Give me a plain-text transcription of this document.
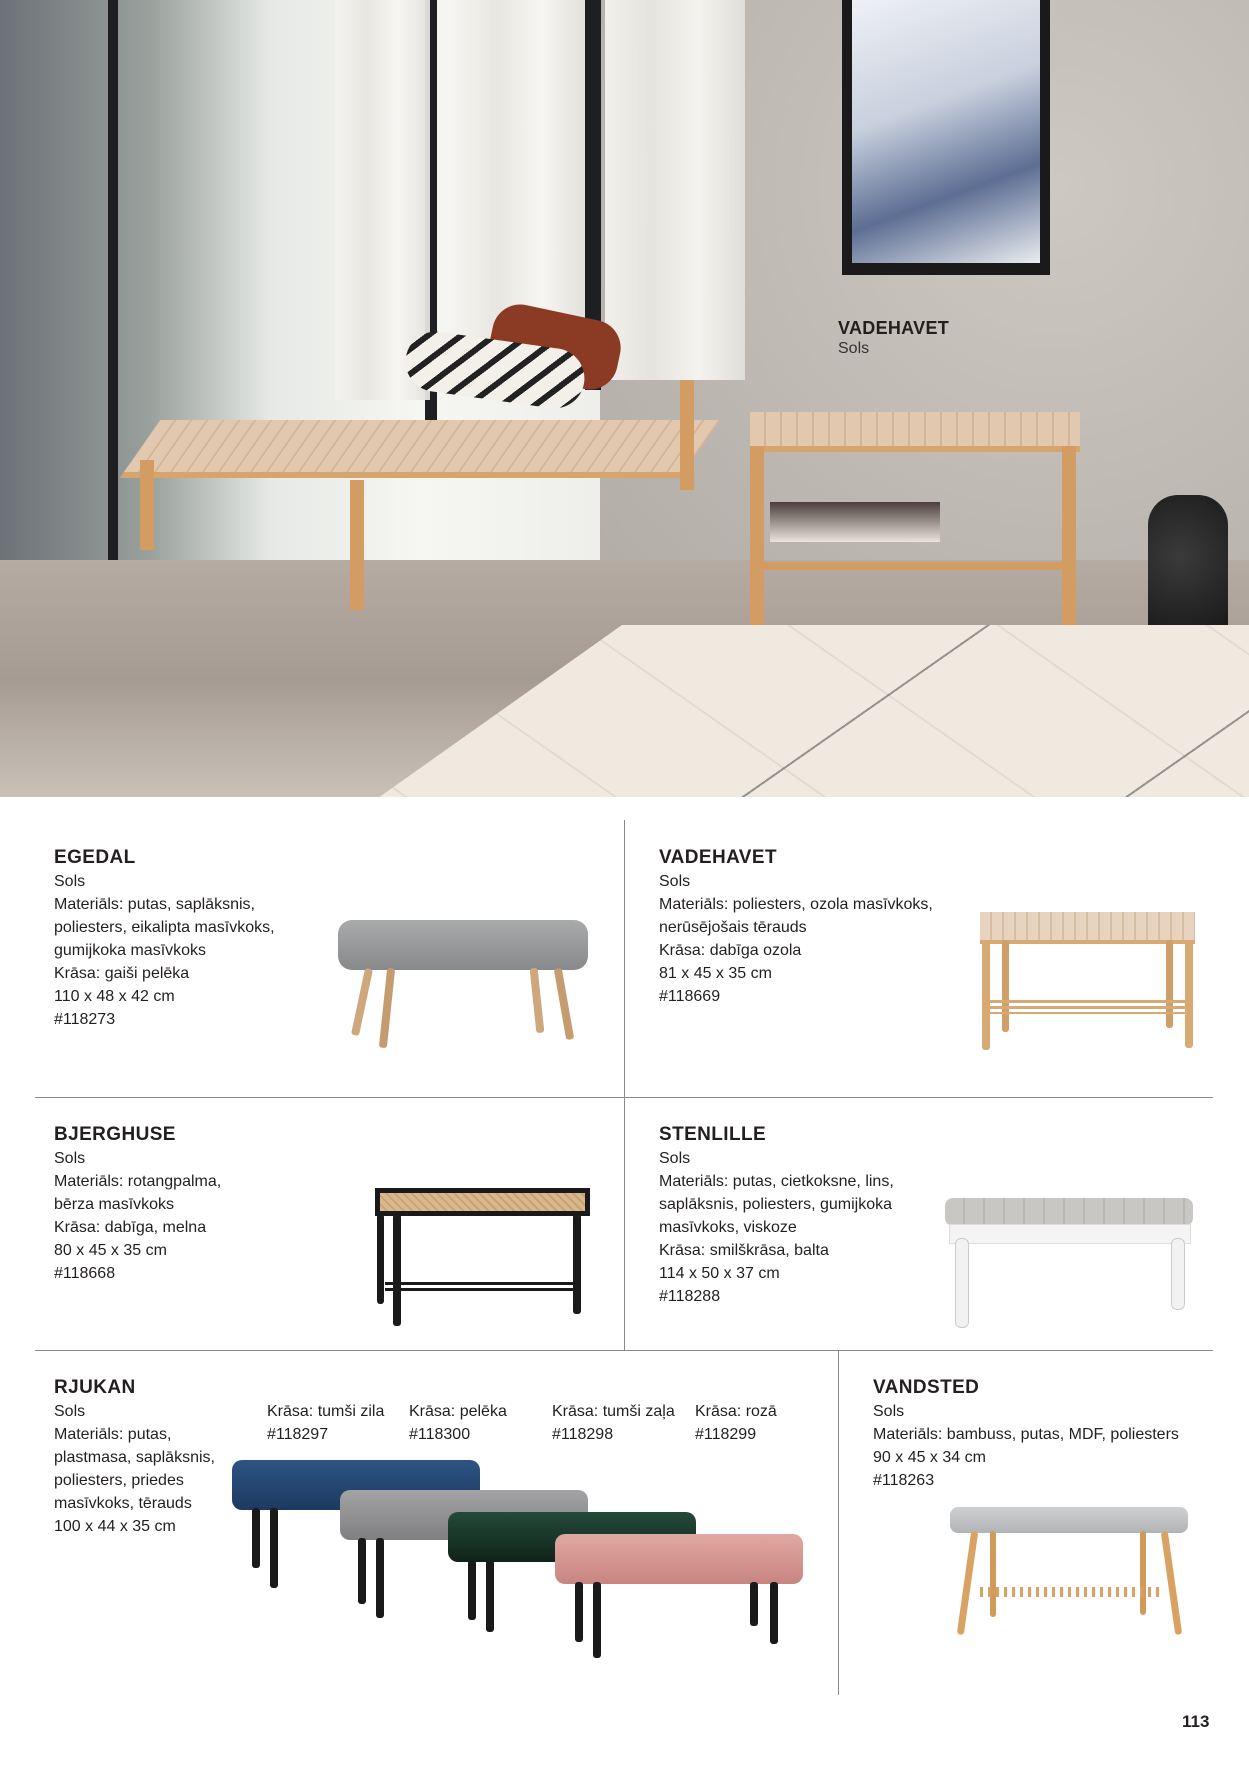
VADEHAVET
Sols
EGEDAL
Sols
Materiāls: putas, saplāksnis,
poliesters, eikalipta masīvkoks,
gumijkoka masīvkoks
Krāsa: gaiši pelēka
110 x 48 x 42 cm
#118273
VADEHAVET
Sols
Materiāls: poliesters, ozola masīvkoks,
nerūsējošais tērauds
Krāsa: dabīga ozola
81 x 45 x 35 cm
#118669
BJERGHUSE
Sols
Materiāls: rotangpalma,
bērza masīvkoks
Krāsa: dabīga, melna
80 x 45 x 35 cm
#118668
STENLILLE
Sols
Materiāls: putas, cietkoksne, lins,
saplāksnis, poliesters, gumijkoka
masīvkoks, viskoze
Krāsa: smilškrāsa, balta
114 x 50 x 37 cm
#118288
RJUKAN
Sols
Materiāls: putas,
plastmasa, saplāksnis,
poliesters, priedes
masīvkoks, tērauds
100 x 44 x 35 cm
Krāsa: tumši zila
#118297
Krāsa: pelēka
#118300
Krāsa: tumši zaļa
#118298
Krāsa: rozā
#118299
VANDSTED
Sols
Materiāls: bambuss, putas, MDF, poliesters
90 x 45 x 34 cm
#118263
113
